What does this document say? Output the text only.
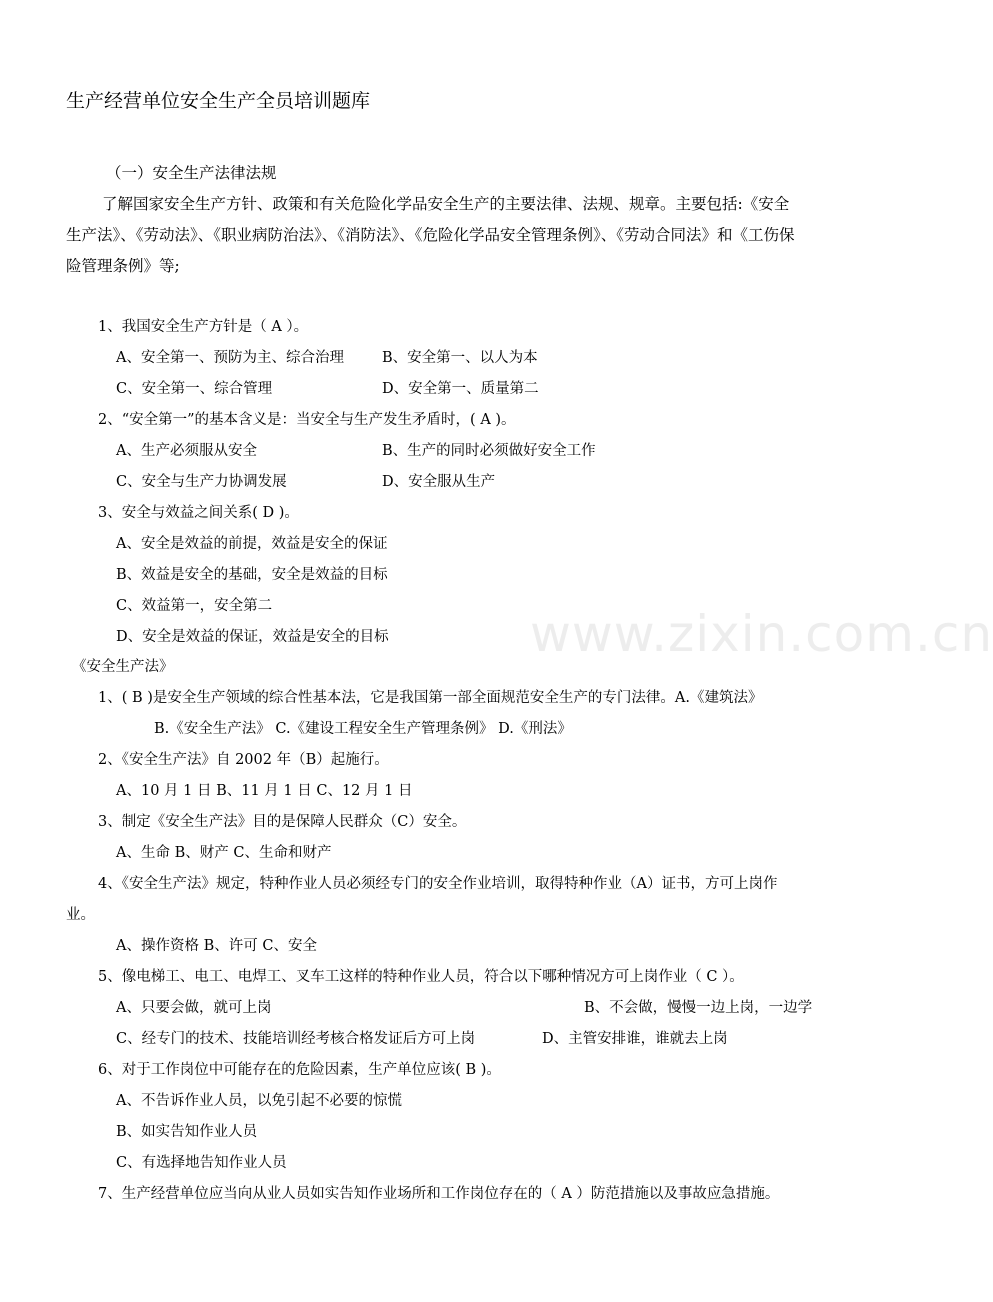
www.zixin.com.cn
生产经营单位安全生产全员培训题库
（一）安全生产法律法规
了解国家安全生产方针、政策和有关危险化学品安全生产的主要法律、法规、规章。主要包括:《安全
生产法》、《劳动法》、《职业病防治法》、《消防法》、《危险化学品安全管理条例》、《劳动合同法》和《工伤保
险管理条例》等;
1、我国安全生产方针是（ A ）。
A、安全第一、预防为主、综合治理	B、安全第一、以人为本
C、安全第一、综合管理	D、安全第一、质量第二
2、“安全第一”的基本含义是：当安全与生产发生矛盾时，( A )。
A、生产必须服从安全	B、生产的同时必须做好安全工作
C、安全与生产力协调发展	D、安全服从生产
3、安全与效益之间关系( D )。
A、安全是效益的前提，效益是安全的保证
B、效益是安全的基础，安全是效益的目标
C、效益第一，安全第二
D、安全是效益的保证，效益是安全的目标
《安全生产法》
1、( B )是安全生产领域的综合性基本法，它是我国第一部全面规范安全生产的专门法律。A.《建筑法》
B.《安全生产法》 C.《建设工程安全生产管理条例》 D.《刑法》
2、《安全生产法》自 2002 年（B）起施行。
A、10 月 1 日 B、11 月 1 日 C、12 月 1 日
3、制定《安全生产法》目的是保障人民群众（C）安全。
A、生命 B、财产 C、生命和财产
4、《安全生产法》规定，特种作业人员必须经专门的安全作业培训，取得特种作业（A）证书，方可上岗作
业。
A、操作资格 B、许可 C、安全
5、像电梯工、电工、电焊工、叉车工这样的特种作业人员，符合以下哪种情况方可上岗作业（ C ）。
A、只要会做，就可上岗	B、不会做，慢慢一边上岗，一边学
C、经专门的技术、技能培训经考核合格发证后方可上岗	D、主管安排谁，谁就去上岗
6、对于工作岗位中可能存在的危险因素，生产单位应该( B )。
A、不告诉作业人员，以免引起不必要的惊慌
B、如实告知作业人员
C、有选择地告知作业人员
7、生产经营单位应当向从业人员如实告知作业场所和工作岗位存在的（ A ）防范措施以及事故应急措施。
